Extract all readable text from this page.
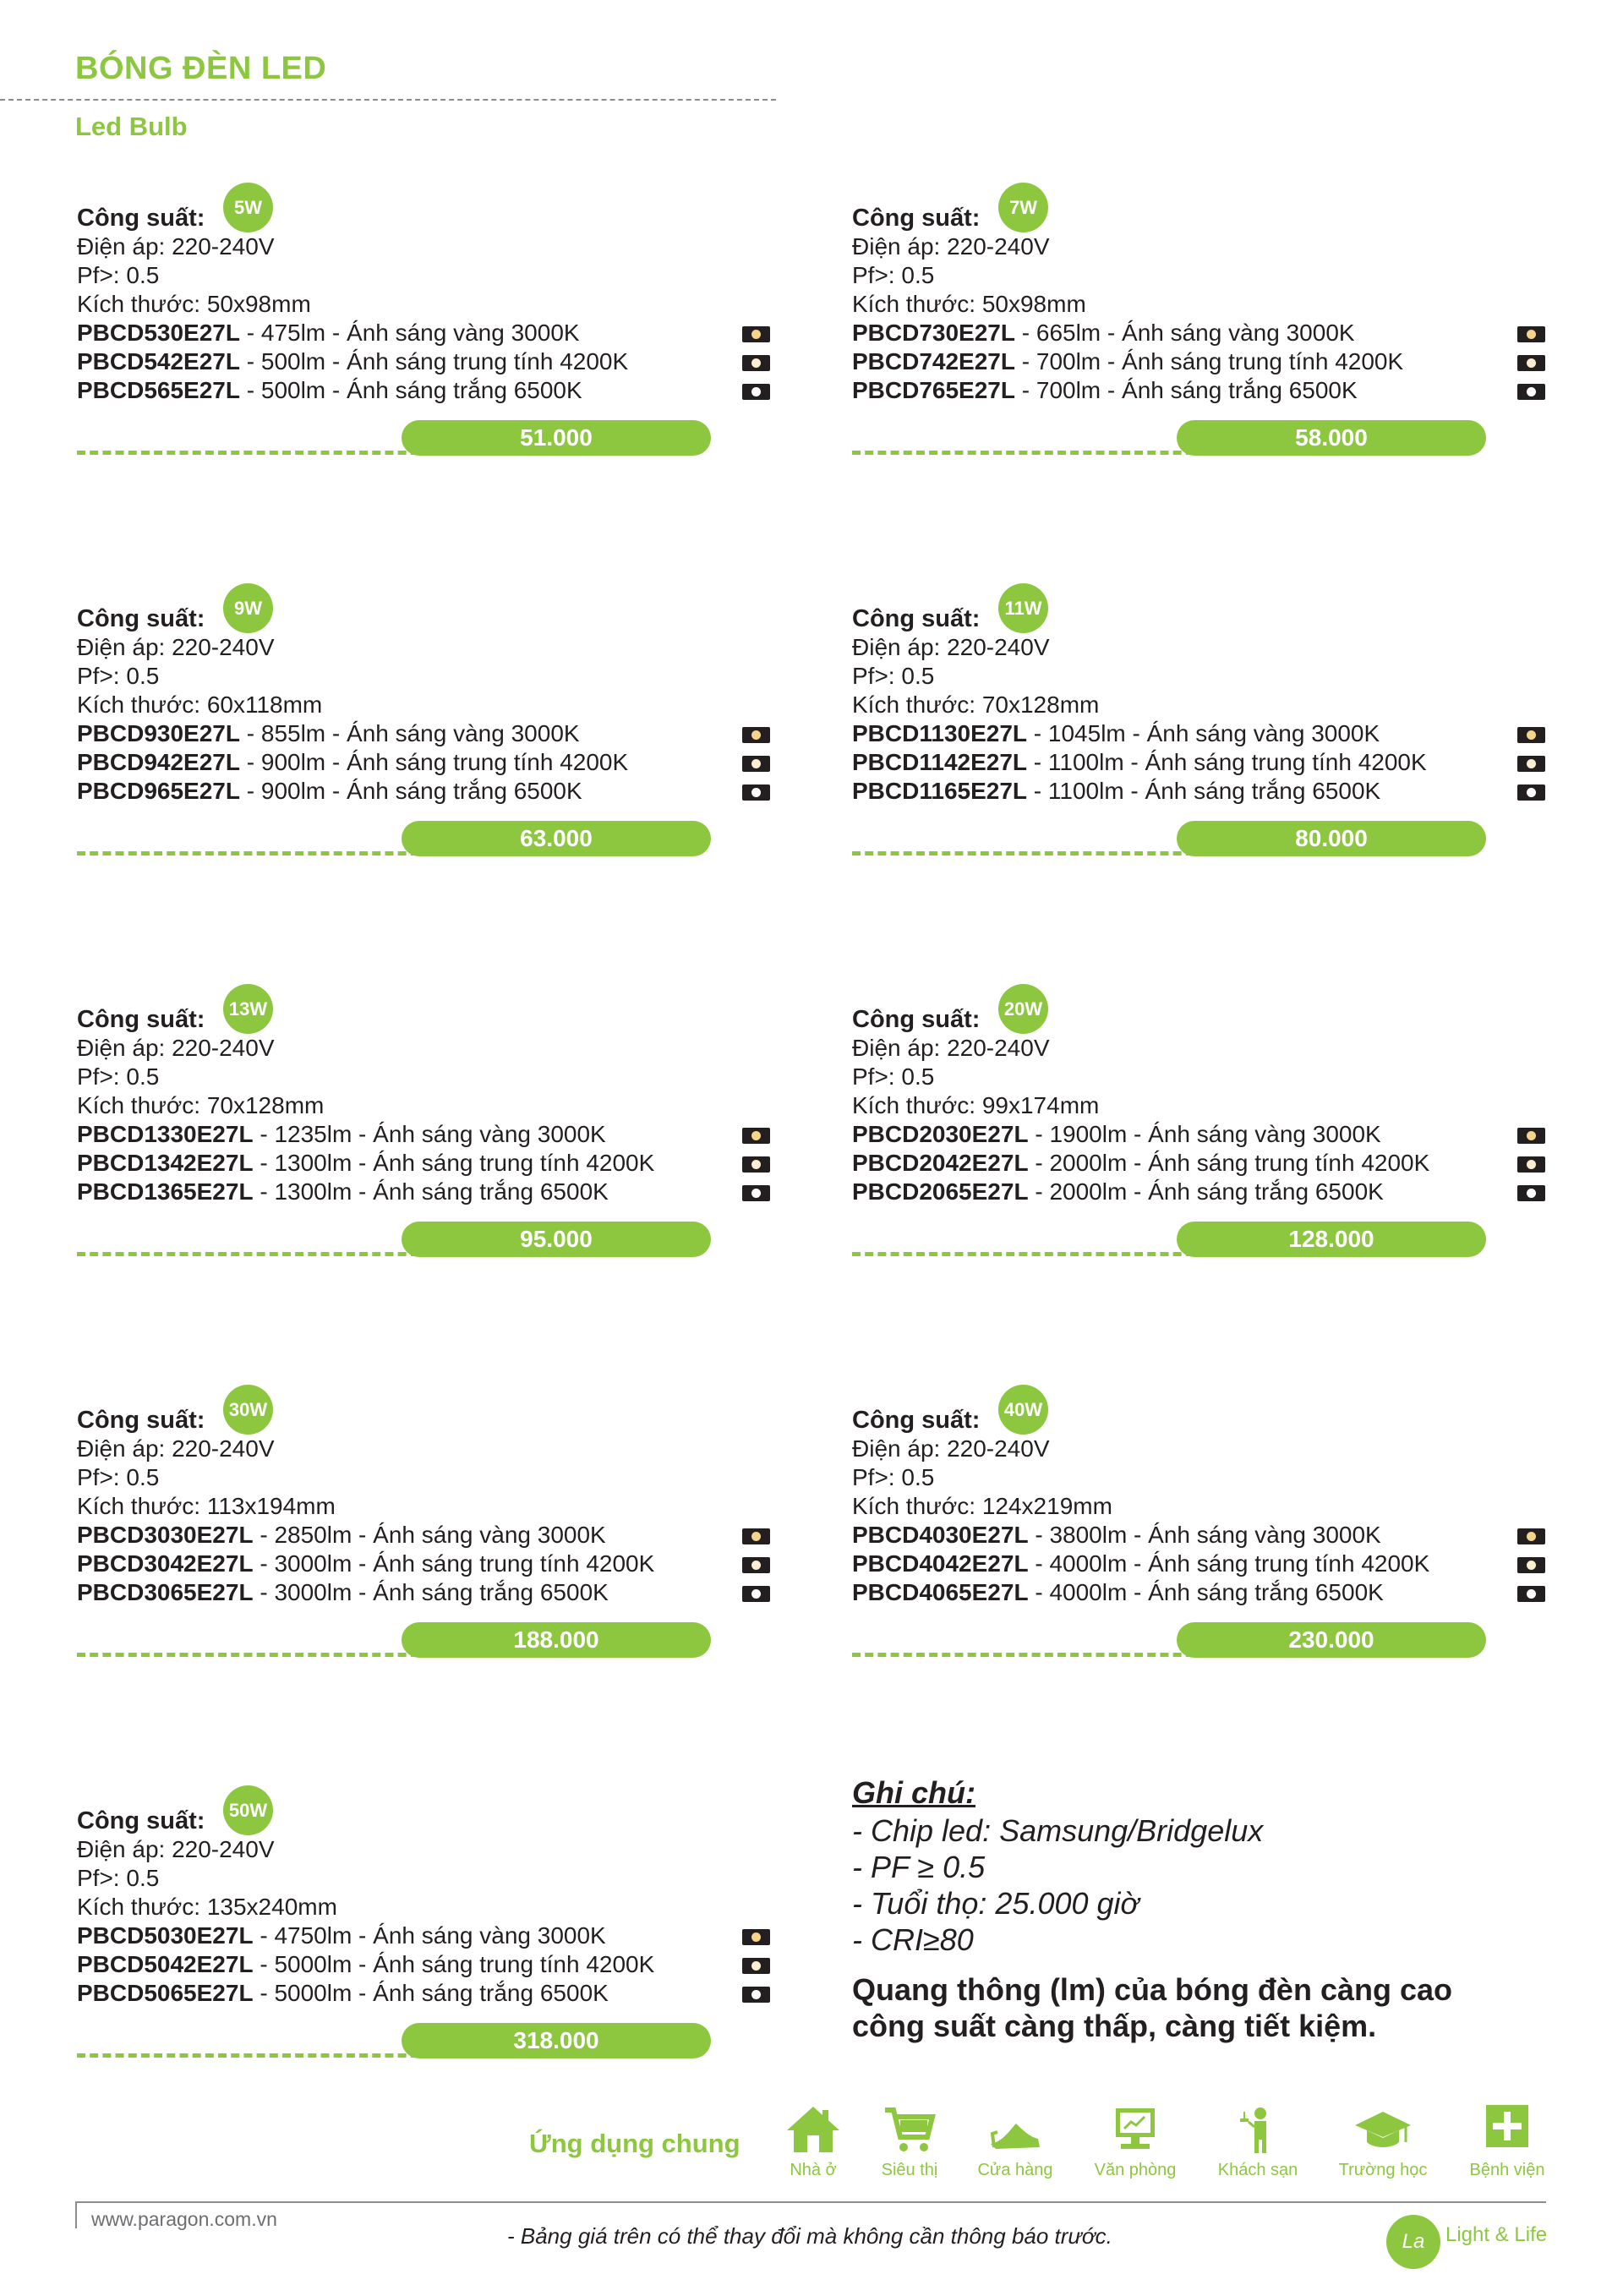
BÓNG ĐÈN LED
Led Bulb
Công suất:	5W
Điện áp: 220-240V
Pf>: 0.5
Kích thước: 50x98mm
PBCD530E27L - 475lm - Ánh sáng vàng 3000K
PBCD542E27L - 500lm - Ánh sáng trung tính 4200K
PBCD565E27L - 500lm - Ánh sáng trắng 6500K
51.000
Công suất:	7W
Điện áp: 220-240V
Pf>: 0.5
Kích thước: 50x98mm
PBCD730E27L - 665lm - Ánh sáng vàng 3000K
PBCD742E27L - 700lm - Ánh sáng trung tính 4200K
PBCD765E27L - 700lm - Ánh sáng trắng 6500K
58.000
Công suất:	9W
Điện áp: 220-240V
Pf>: 0.5
Kích thước: 60x118mm
PBCD930E27L - 855lm - Ánh sáng vàng 3000K
PBCD942E27L - 900lm - Ánh sáng trung tính 4200K
PBCD965E27L - 900lm - Ánh sáng trắng 6500K
63.000
Công suất:	11W
Điện áp: 220-240V
Pf>: 0.5
Kích thước: 70x128mm
PBCD1130E27L - 1045lm - Ánh sáng vàng 3000K
PBCD1142E27L - 1100lm - Ánh sáng trung tính 4200K
PBCD1165E27L - 1100lm - Ánh sáng trắng 6500K
80.000
Công suất:	13W
Điện áp: 220-240V
Pf>: 0.5
Kích thước: 70x128mm
PBCD1330E27L - 1235lm - Ánh sáng vàng 3000K
PBCD1342E27L - 1300lm - Ánh sáng trung tính 4200K
PBCD1365E27L - 1300lm - Ánh sáng trắng 6500K
95.000
Công suất:	20W
Điện áp: 220-240V
Pf>: 0.5
Kích thước: 99x174mm
PBCD2030E27L - 1900lm - Ánh sáng vàng 3000K
PBCD2042E27L - 2000lm - Ánh sáng trung tính 4200K
PBCD2065E27L - 2000lm - Ánh sáng trắng 6500K
128.000
Công suất:	30W
Điện áp: 220-240V
Pf>: 0.5
Kích thước: 113x194mm
PBCD3030E27L - 2850lm - Ánh sáng vàng 3000K
PBCD3042E27L - 3000lm - Ánh sáng trung tính 4200K
PBCD3065E27L - 3000lm - Ánh sáng trắng 6500K
188.000
Công suất:	40W
Điện áp: 220-240V
Pf>: 0.5
Kích thước: 124x219mm
PBCD4030E27L - 3800lm - Ánh sáng vàng 3000K
PBCD4042E27L - 4000lm - Ánh sáng trung tính 4200K
PBCD4065E27L - 4000lm - Ánh sáng trắng 6500K
230.000
Công suất:	50W
Điện áp: 220-240V
Pf>: 0.5
Kích thước: 135x240mm
PBCD5030E27L - 4750lm - Ánh sáng vàng 3000K
PBCD5042E27L - 5000lm - Ánh sáng trung tính 4200K
PBCD5065E27L - 5000lm - Ánh sáng trắng 6500K
318.000
Ghi chú:
- Chip led: Samsung/Bridgelux
- PF ≥ 0.5
- Tuổi thọ: 25.000 giờ
- CRI≥80
Quang thông (lm) của bóng đèn càng cao
công suất càng thấp, càng tiết kiệm.
Ứng dụng chung
Nhà ở	Siêu thị	Cửa hàng	Văn phòng	Khách sạn	Trường học	Bệnh viện
www.paragon.com.vn
- Bảng giá trên có thể thay đổi mà không cần thông báo trước.	La	Light & Life
